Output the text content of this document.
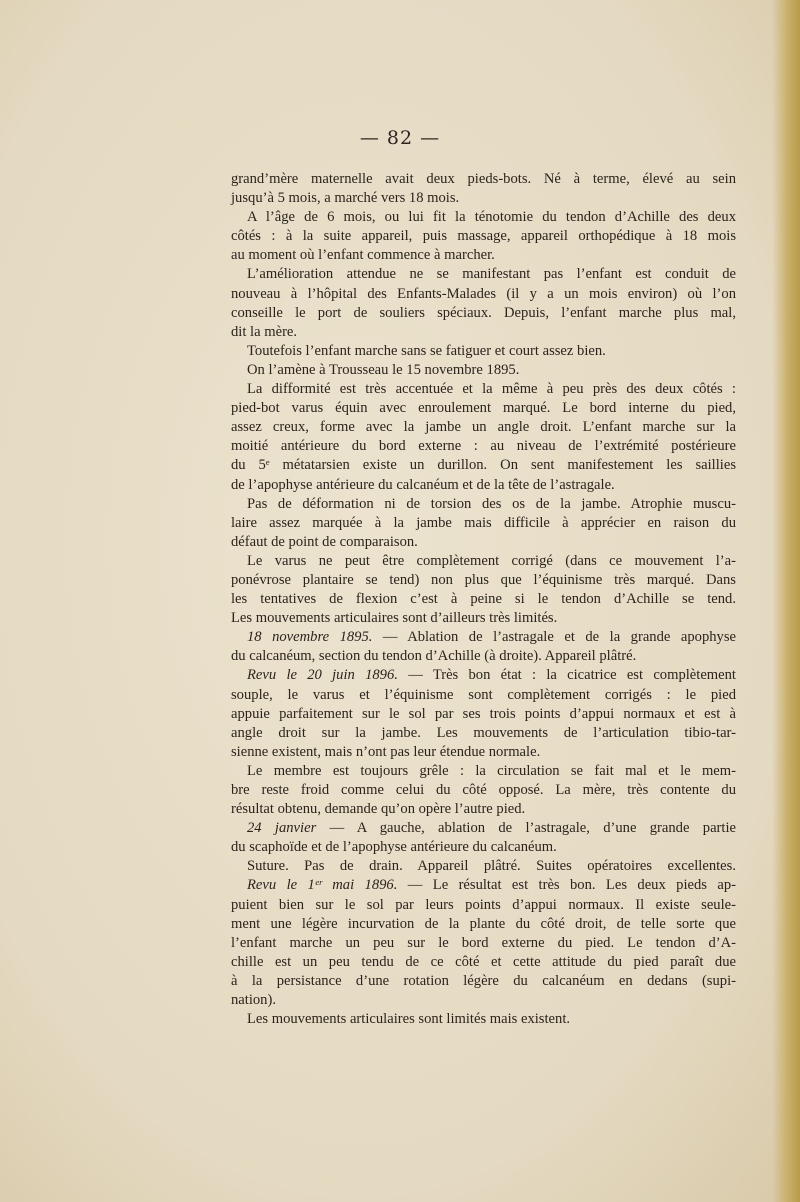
— 82 —
grand’mère maternelle avait deux pieds-bots. Né à terme, élevé au sein
jusqu’à 5 mois, a marché vers 18 mois.
A l’âge de 6 mois, ou lui fit la ténotomie du tendon d’Achille des deux
côtés : à la suite appareil, puis massage, appareil orthopédique à 18 mois
au moment où l’enfant commence à marcher.
L’amélioration attendue ne se manifestant pas l’enfant est conduit de
nouveau à l’hôpital des Enfants-Malades (il y a un mois environ) où l’on
conseille le port de souliers spéciaux. Depuis, l’enfant marche plus mal,
dit la mère.
Toutefois l’enfant marche sans se fatiguer et court assez bien.
On l’amène à Trousseau le 15 novembre 1895.
La difformité est très accentuée et la même à peu près des deux côtés :
pied-bot varus équin avec enroulement marqué. Le bord interne du pied,
assez creux, forme avec la jambe un angle droit. L’enfant marche sur la
moitié antérieure du bord externe : au niveau de l’extrémité postérieure
du 5ᵉ métatarsien existe un durillon. On sent manifestement les saillies
de l’apophyse antérieure du calcanéum et de la tête de l’astragale.
Pas de déformation ni de torsion des os de la jambe. Atrophie muscu-
laire assez marquée à la jambe mais difficile à apprécier en raison du
défaut de point de comparaison.
Le varus ne peut être complètement corrigé (dans ce mouvement l’a-
ponévrose plantaire se tend) non plus que l’équinisme très marqué. Dans
les tentatives de flexion c’est à peine si le tendon d’Achille se tend.
Les mouvements articulaires sont d’ailleurs très limités.
18 novembre 1895. — Ablation de l’astragale et de la grande apophyse
du calcanéum, section du tendon d’Achille (à droite). Appareil plâtré.
Revu le 20 juin 1896. — Très bon état : la cicatrice est complètement
souple, le varus et l’équinisme sont complètement corrigés : le pied
appuie parfaitement sur le sol par ses trois points d’appui normaux et est à
angle droit sur la jambe. Les mouvements de l’articulation tibio-tar-
sienne existent, mais n’ont pas leur étendue normale.
Le membre est toujours grêle : la circulation se fait mal et le mem-
bre reste froid comme celui du côté opposé. La mère, très contente du
résultat obtenu, demande qu’on opère l’autre pied.
24 janvier — A gauche, ablation de l’astragale, d’une grande partie
du scaphoïde et de l’apophyse antérieure du calcanéum.
Suture. Pas de drain. Appareil plâtré. Suites opératoires excellentes.
Revu le 1ᵉʳ mai 1896. — Le résultat est très bon. Les deux pieds ap-
puient bien sur le sol par leurs points d’appui normaux. Il existe seule-
ment une légère incurvation de la plante du côté droit, de telle sorte que
l’enfant marche un peu sur le bord externe du pied. Le tendon d’A-
chille est un peu tendu de ce côté et cette attitude du pied paraît due
à la persistance d’une rotation légère du calcanéum en dedans (supi-
nation).
Les mouvements articulaires sont limités mais existent.
